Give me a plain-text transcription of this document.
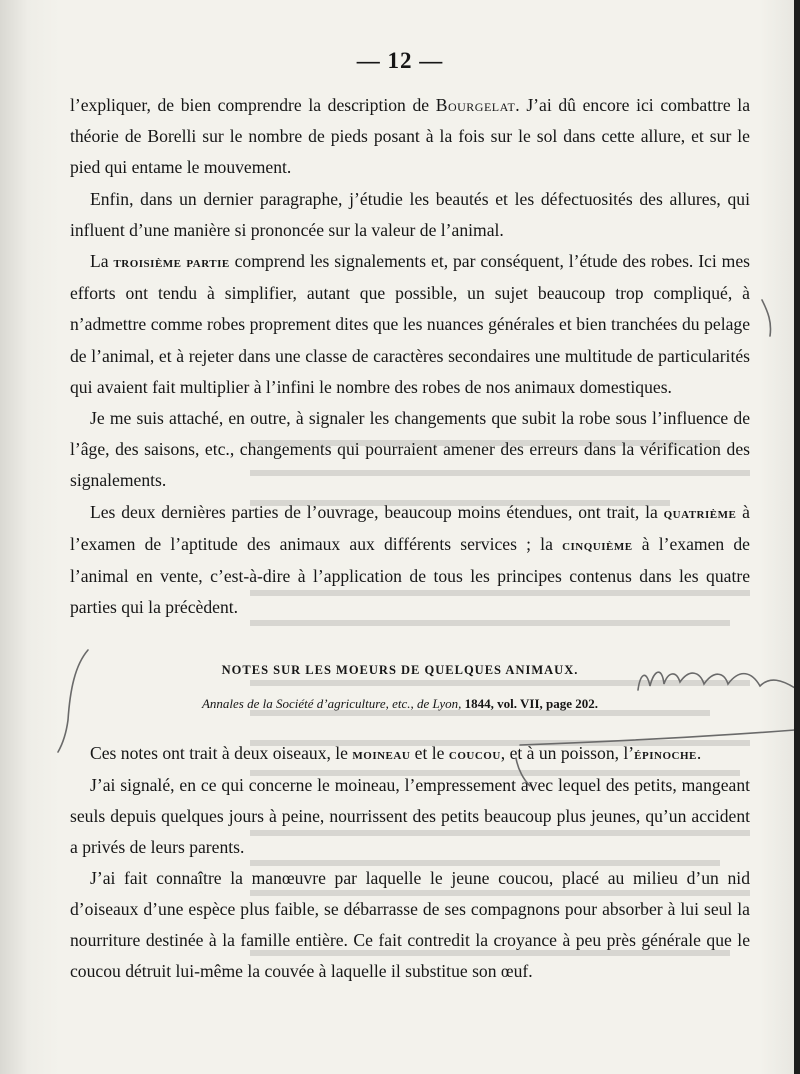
— 12 —

l’expliquer, de bien comprendre la description de Bourgelat. J’ai dû encore ici combattre la théorie de Borelli sur le nombre de pieds posant à la fois sur le sol dans cette allure, et sur le pied qui entame le mouvement.

Enfin, dans un dernier paragraphe, j’étudie les beautés et les défectuosités des allures, qui influent d’une manière si prononcée sur la valeur de l’animal.

La troisième partie comprend les signalements et, par conséquent, l’étude des robes. Ici mes efforts ont tendu à simplifier, autant que possible, un sujet beaucoup trop compliqué, à n’admettre comme robes proprement dites que les nuances générales et bien tranchées du pelage de l’animal, et à rejeter dans une classe de caractères secondaires une multitude de particularités qui avaient fait multiplier à l’infini le nombre des robes de nos animaux domestiques.

Je me suis attaché, en outre, à signaler les changements que subit la robe sous l’influence de l’âge, des saisons, etc., changements qui pourraient amener des erreurs dans la vérification des signalements.

Les deux dernières parties de l’ouvrage, beaucoup moins étendues, ont trait, la quatrième à l’examen de l’aptitude des animaux aux différents services ; la cinquième à l’examen de l’animal en vente, c’est-à-dire à l’application de tous les principes contenus dans les quatre parties qui la précèdent.

NOTES SUR LES MOEURS DE QUELQUES ANIMAUX.
Annales de la Société d’agriculture, etc., de Lyon, 1844, vol. VII, page 202.

Ces notes ont trait à deux oiseaux, le moineau et le coucou, et à un poisson, l’épinoche.

J’ai signalé, en ce qui concerne le moineau, l’empressement avec lequel des petits, mangeant seuls depuis quelques jours à peine, nourrissent des petits beaucoup plus jeunes, qu’un accident a privés de leurs parents.

J’ai fait connaître la manœuvre par laquelle le jeune coucou, placé au milieu d’un nid d’oiseaux d’une espèce plus faible, se débarrasse de ses compagnons pour absorber à lui seul la nourriture destinée à la famille entière. Ce fait contredit la croyance à peu près générale que le coucou détruit lui-même la couvée à laquelle il substitue son œuf.
